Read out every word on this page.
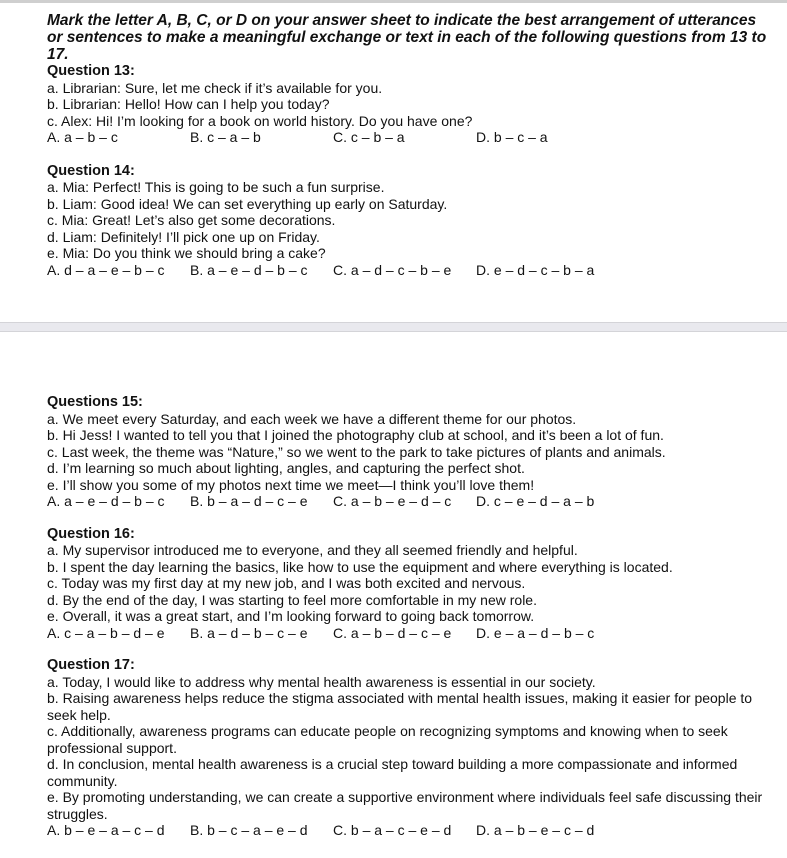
Mark the letter A, B, C, or D on your answer sheet to indicate the best arrangement of utterances or sentences to make a meaningful exchange or text in each of the following questions from 13 to 17.

Question 13:

a. Librarian: Sure, let me check if it’s available for you.

b. Librarian: Hello! How can I help you today?

c. Alex: Hi! I’m looking for a book on world history. Do you have one?

A. a – b – c	B. c – a – b	C. c – b – a	D. b – c – a

Question 14:

a. Mia: Perfect! This is going to be such a fun surprise.

b. Liam: Good idea! We can set everything up early on Saturday.

c. Mia: Great! Let’s also get some decorations.

d. Liam: Definitely! I’ll pick one up on Friday.

e. Mia: Do you think we should bring a cake?

A. d – a – e – b – c	B. a – e – d – b – c	C. a – d – c – b – e	D. e – d – c – b – a

Questions 15:

a. We meet every Saturday, and each week we have a different theme for our photos.

b. Hi Jess! I wanted to tell you that I joined the photography club at school, and it’s been a lot of fun.

c. Last week, the theme was “Nature,” so we went to the park to take pictures of plants and animals.

d. I’m learning so much about lighting, angles, and capturing the perfect shot.

e. I’ll show you some of my photos next time we meet—I think you’ll love them!

A. a – e – d – b – c	B. b – a – d – c – e	C. a – b – e – d – c	D. c – e – d – a – b

Question 16:

a. My supervisor introduced me to everyone, and they all seemed friendly and helpful.

b. I spent the day learning the basics, like how to use the equipment and where everything is located.

c. Today was my first day at my new job, and I was both excited and nervous.

d. By the end of the day, I was starting to feel more comfortable in my new role.

e. Overall, it was a great start, and I’m looking forward to going back tomorrow.

A. c – a – b – d – e	B. a – d – b – c – e	C. a – b – d – c – e	D. e – a – d – b – c

Question 17:

a. Today, I would like to address why mental health awareness is essential in our society.

b. Raising awareness helps reduce the stigma associated with mental health issues, making it easier for people to seek help.

c. Additionally, awareness programs can educate people on recognizing symptoms and knowing when to seek professional support.

d. In conclusion, mental health awareness is a crucial step toward building a more compassionate and informed community.

e. By promoting understanding, we can create a supportive environment where individuals feel safe discussing their struggles.

A. b – e – a – c – d	B. b – c – a – e – d	C. b – a – c – e – d	D. a – b – e – c – d
